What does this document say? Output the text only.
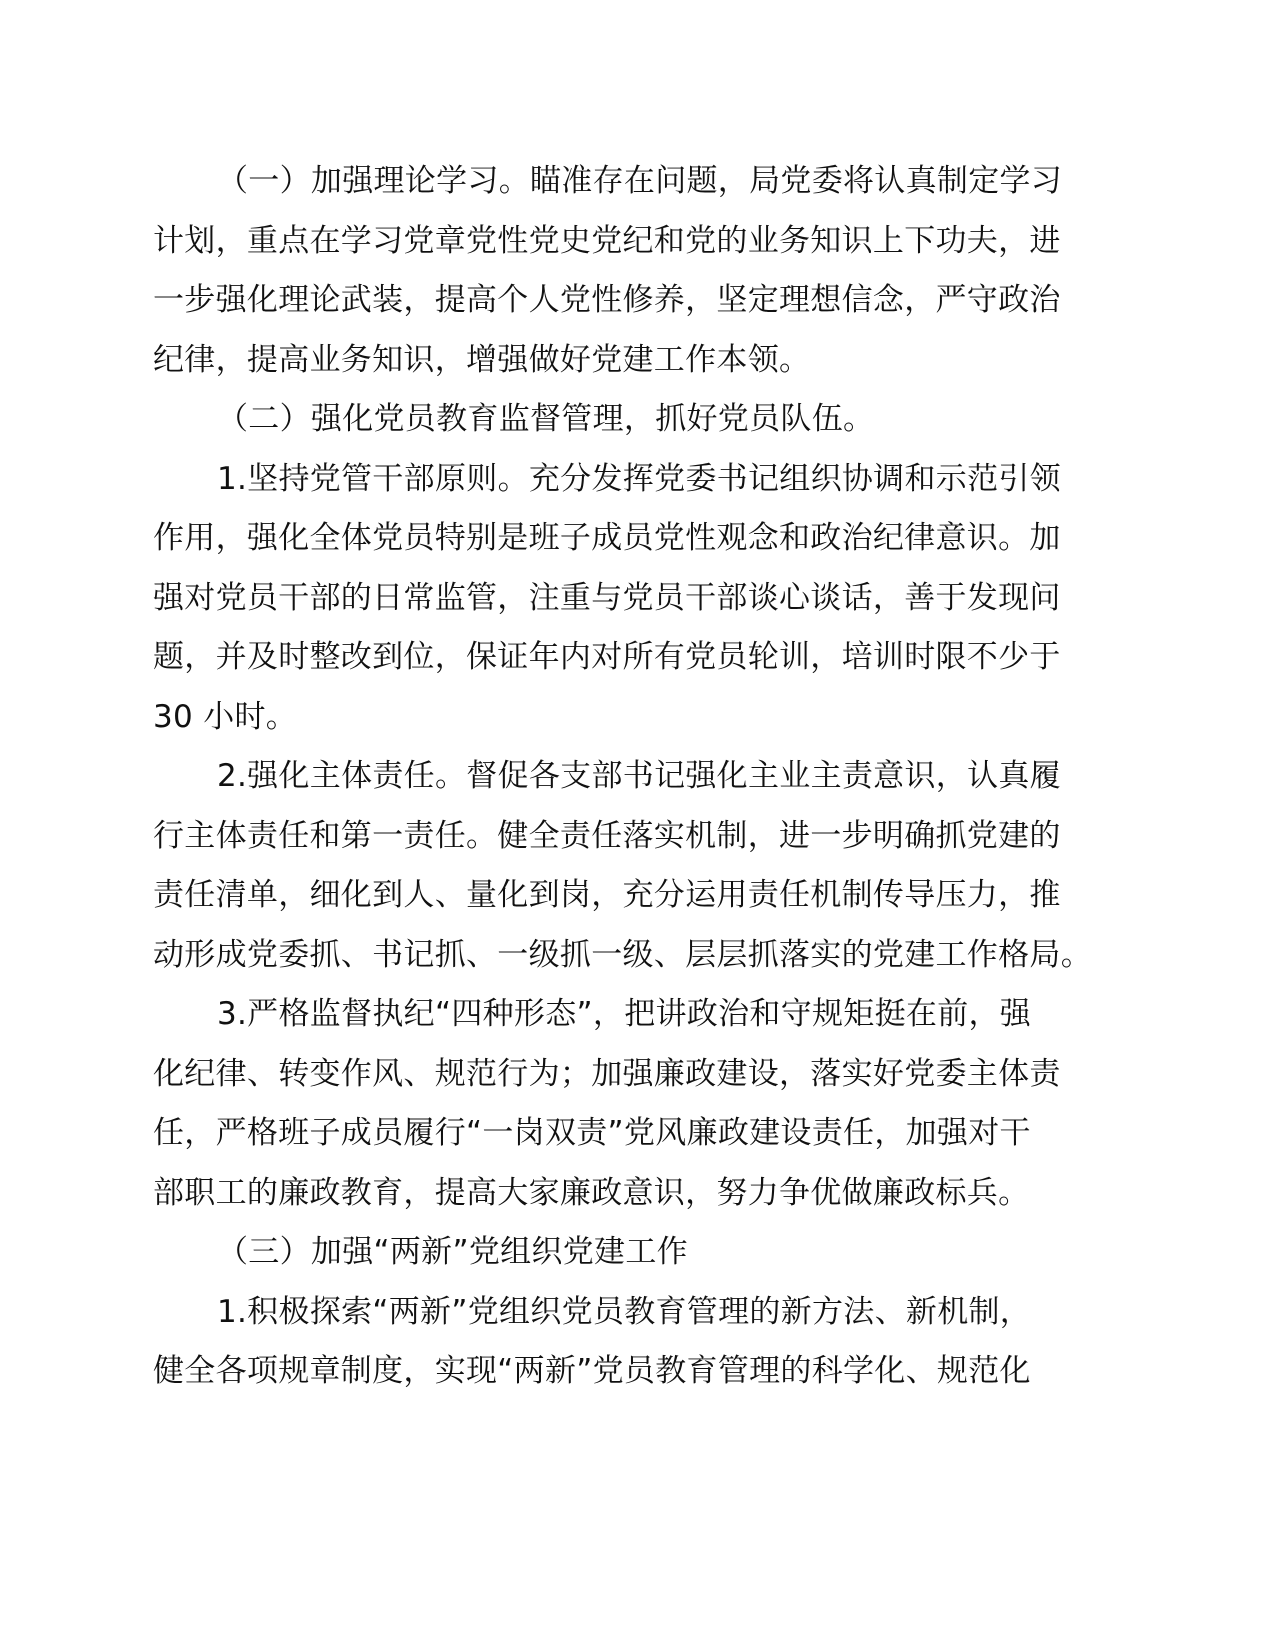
（一）加强理论学习。瞄准存在问题，局党委将认真制定学习
计划，重点在学习党章党性党史党纪和党的业务知识上下功夫，进
一步强化理论武装，提高个人党性修养，坚定理想信念，严守政治
纪律，提高业务知识，增强做好党建工作本领。
（二）强化党员教育监督管理，抓好党员队伍。
1.坚持党管干部原则。充分发挥党委书记组织协调和示范引领
作用，强化全体党员特别是班子成员党性观念和政治纪律意识。加
强对党员干部的日常监管，注重与党员干部谈心谈话，善于发现问
题，并及时整改到位，保证年内对所有党员轮训，培训时限不少于
30 小时。
2.强化主体责任。督促各支部书记强化主业主责意识，认真履
行主体责任和第一责任。健全责任落实机制，进一步明确抓党建的
责任清单，细化到人、量化到岗，充分运用责任机制传导压力，推
动形成党委抓、书记抓、一级抓一级、层层抓落实的党建工作格局。
3.严格监督执纪“四种形态”，把讲政治和守规矩挺在前，强
化纪律、转变作风、规范行为；加强廉政建设，落实好党委主体责
任，严格班子成员履行“一岗双责”党风廉政建设责任，加强对干
部职工的廉政教育，提高大家廉政意识，努力争优做廉政标兵。
（三）加强“两新”党组织党建工作
1.积极探索“两新”党组织党员教育管理的新方法、新机制，
健全各项规章制度，实现“两新”党员教育管理的科学化、规范化
